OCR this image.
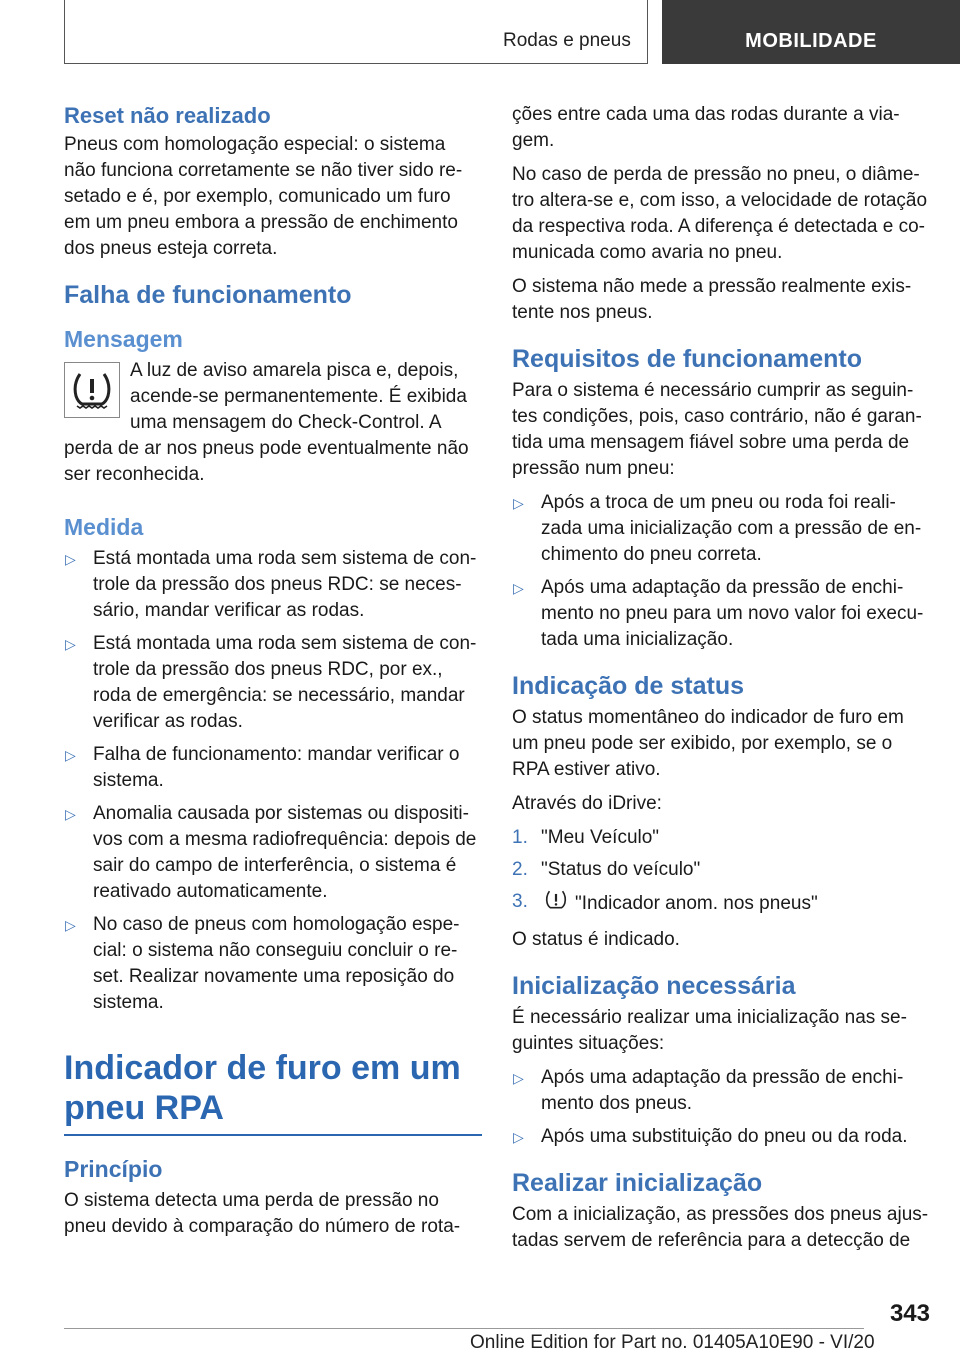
Rodas e pneus	MOBILIDADE
Reset não realizado

Pneus com homologação especial: o sistema não funciona corretamente se não tiver sido re-setado e é, por exemplo, comunicado um furo em um pneu embora a pressão de enchimento dos pneus esteja correta.

Falha de funcionamento
Mensagem

A luz de aviso amarela pisca e, depois, acende-se permanentemente. É exibida uma mensagem do Check-Control. A perda de ar nos pneus pode eventualmente não ser reconhecida.

Medida
▷ Está montada uma roda sem sistema de con-trole da pressão dos pneus RDC: se neces-sário, mandar verificar as rodas.
▷ Está montada uma roda sem sistema de con-trole da pressão dos pneus RDC, por ex., roda de emergência: se necessário, mandar verificar as rodas.
▷ Falha de funcionamento: mandar verificar o sistema.
▷ Anomalia causada por sistemas ou dispositi-vos com a mesma radiofrequência: depois de sair do campo de interferência, o sistema é reativado automaticamente.
▷ No caso de pneus com homologação espe-cial: o sistema não conseguiu concluir o re-set. Realizar novamente uma reposição do sistema.
Indicador de furo em um pneu RPA
Princípio

O sistema detecta uma perda de pressão no pneu devido à comparação do número de rota-

ções entre cada uma das rodas durante a via-gem.

No caso de perda de pressão no pneu, o diâme-tro altera-se e, com isso, a velocidade de rotação da respectiva roda. A diferença é detectada e co-municada como avaria no pneu.

O sistema não mede a pressão realmente exis-tente nos pneus.

Requisitos de funcionamento

Para o sistema é necessário cumprir as seguin-tes condições, pois, caso contrário, não é garan-tida uma mensagem fiável sobre uma perda de pressão num pneu:

▷ Após a troca de um pneu ou roda foi reali-zada uma inicialização com a pressão de en-chimento do pneu correta.
▷ Após uma adaptação da pressão de enchi-mento no pneu para um novo valor foi execu-tada uma inicialização.
Indicação de status

O status momentâneo do indicador de furo em um pneu pode ser exibido, por exemplo, se o RPA estiver ativo.

Através do iDrive:

1. "Meu Veículo"
2. "Status do veículo"
3. "Indicador anom. nos pneus"

O status é indicado.

Inicialização necessária

É necessário realizar uma inicialização nas se-guintes situações:

▷ Após uma adaptação da pressão de enchi-mento dos pneus.
▷ Após uma substituição do pneu ou da roda.
Realizar inicialização

Com a inicialização, as pressões dos pneus ajus-tadas servem de referência para a detecção de

343
Online Edition for Part no. 01405A10E90 - VI/20
